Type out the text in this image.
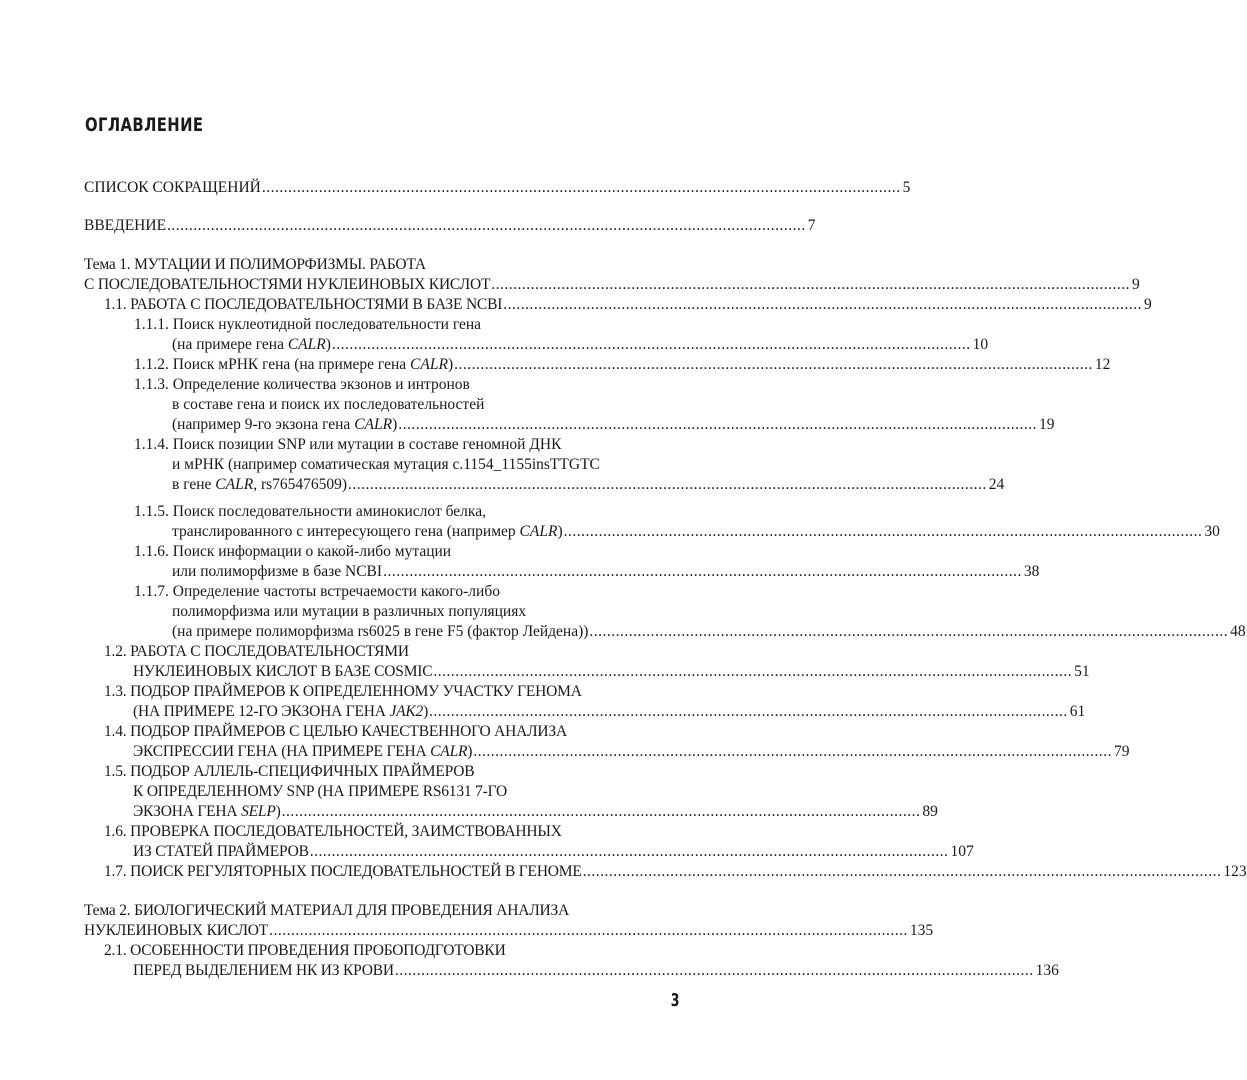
ОГЛАВЛЕНИЕ
СПИСОК СОКРАЩЕНИЙ .................................................................................................................................................. 5
ВВЕДЕНИЕ .................................................................................................................................................. 7
Тема 1. МУТАЦИИ И ПОЛИМОРФИЗМЫ. РАБОТА
С ПОСЛЕДОВАТЕЛЬНОСТЯМИ НУКЛЕИНОВЫХ КИСЛОТ .................................................................................................................................................. 9
1.1. РАБОТА С ПОСЛЕДОВАТЕЛЬНОСТЯМИ В БАЗЕ NCBI .................................................................................................................................................. 9
1.1.1. Поиск нуклеотидной последовательности гена
(на примере гена CALR) .................................................................................................................................................. 10
1.1.2. Поиск мРНК гена (на примере гена CALR) .................................................................................................................................................. 12
1.1.3. Определение количества экзонов и интронов
в составе гена и поиск их последовательностей
(например 9-го экзона гена CALR) .................................................................................................................................................. 19
1.1.4. Поиск позиции SNP или мутации в составе геномной ДНК
и мРНК (например соматическая мутация c.1154_1155insTTGTC
в гене CALR, rs765476509) .................................................................................................................................................. 24
1.1.5. Поиск последовательности аминокислот белка,
транслированного с интересующего гена (например CALR) .................................................................................................................................................. 30
1.1.6. Поиск информации о какой-либо мутации
или полиморфизме в базе NCBI .................................................................................................................................................. 38
1.1.7. Определение частоты встречаемости какого-либо
полиморфизма или мутации в различных популяциях
(на примере полиморфизма rs6025 в гене F5 (фактор Лейдена)) .................................................................................................................................................. 48
1.2. РАБОТА С ПОСЛЕДОВАТЕЛЬНОСТЯМИ
НУКЛЕИНОВЫХ КИСЛОТ В БАЗЕ COSMIC .................................................................................................................................................. 51
1.3. ПОДБОР ПРАЙМЕРОВ К ОПРЕДЕЛЕННОМУ УЧАСТКУ ГЕНОМА
(НА ПРИМЕРЕ 12-ГО ЭКЗОНА ГЕНА JAK2) .................................................................................................................................................. 61
1.4. ПОДБОР ПРАЙМЕРОВ С ЦЕЛЬЮ КАЧЕСТВЕННОГО АНАЛИЗА
ЭКСПРЕССИИ ГЕНА (НА ПРИМЕРЕ ГЕНА CALR) .................................................................................................................................................. 79
1.5. ПОДБОР АЛЛЕЛЬ-СПЕЦИФИЧНЫХ ПРАЙМЕРОВ
К ОПРЕДЕЛЕННОМУ SNP (НА ПРИМЕРЕ RS6131 7-ГО
ЭКЗОНА ГЕНА SELP) .................................................................................................................................................. 89
1.6. ПРОВЕРКА ПОСЛЕДОВАТЕЛЬНОСТЕЙ, ЗАИМСТВОВАННЫХ
ИЗ СТАТЕЙ ПРАЙМЕРОВ .................................................................................................................................................. 107
1.7. ПОИСК РЕГУЛЯТОРНЫХ ПОСЛЕДОВАТЕЛЬНОСТЕЙ В ГЕНОМЕ .................................................................................................................................................. 123
Тема 2. БИОЛОГИЧЕСКИЙ МАТЕРИАЛ ДЛЯ ПРОВЕДЕНИЯ АНАЛИЗА
НУКЛЕИНОВЫХ КИСЛОТ .................................................................................................................................................. 135
2.1. ОСОБЕННОСТИ ПРОВЕДЕНИЯ ПРОБОПОДГОТОВКИ
ПЕРЕД ВЫДЕЛЕНИЕМ НК ИЗ КРОВИ .................................................................................................................................................. 136
3
